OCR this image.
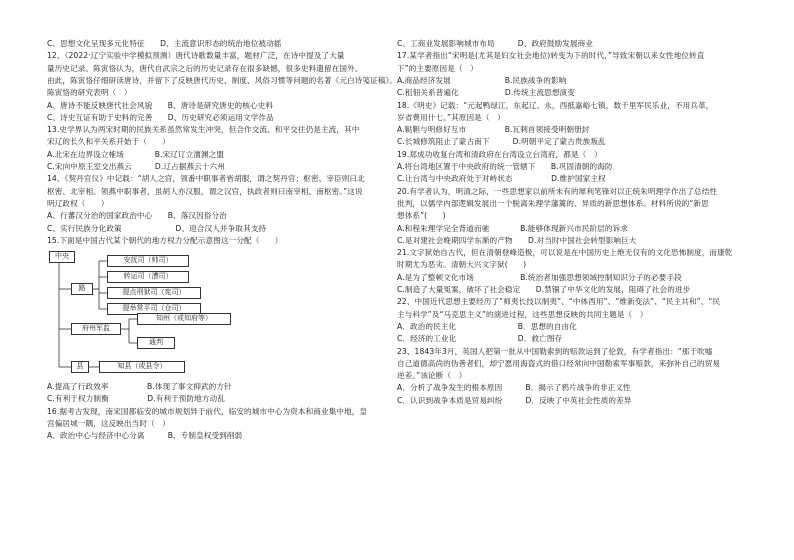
C、思想文化呈现多元化特征　　D、主流意识形态的统治地位被动摇
12、（2022·辽宁实验中学模拟预测）唐代诗歌数量丰富，题材广泛，在诗中提及了大量
量历史记录。陈寅恪认为，唐代自武宗之后的历史记录存在很多缺憾，很多史料遗留在国外。
由此，陈寅恪仔细研读唐诗，并留下了反映唐代历史、制度、风俗习惯等问题的名著《元白诗笺证稿》。
陈寅恪的研究表明（　）
A、唐诗不能反映唐代社会风貌　　B、唐诗是研究唐史的核心史料
C、诗史互证有助于史料的完善　　D、历史研究必须运用文学作品
13.史学界认为两宋时期的民族关系虽然常发生冲突，但合作交流、和平交往仍是主流，其中
宋辽的长久和平关系开始于（　　）
A.北宋在边界设立榷场　　　　B.宋辽订立澶渊之盟
C.宋向中原王室交出燕云　　　D.辽占据燕云十六州
14、《契丹官仪》中记载：“胡人之官，领番中职事者皆胡服，谓之契丹官；枢密、宰臣则曰北
枢密、北宰相。领燕中职事者，虽胡人亦汉服，谓之汉官，执政者则曰南宰相、南枢密。”这说
明辽政权（　　）
A、行蕃汉分治的国家政治中心　　B、落汉因俗分治
C、实行民族分化政策　　　　　　　D、迎合汉人并争取其支持
15.下面是中国古代某个朝代的地方权力分配示意图这一分配（　　）
A.提高了行政效率　　　　　B.体现了事文抑武的方针
C.有利于权力制衡　　　　　D.有利于预防地方动乱
16.据考古发现，南宋国都临安的城市规划异于前代，临安的城市中心为资本和商业集中地，皇
宫偏居城一隅，这反映出当时（　）
A、政治中心与经济中心分离　　　B、专制皇权受到削弱
中央
路
府州军监
县
安抚司（帅司）
转运司（漕司）
提点刑狱司（宪司）
提举常平司（仓司）
知州（或知府等）
通判
知县（或县令）
C、工商业发展影响城市布局　　　D、政府鼓励发展商业
17.某学者指出“宋明是(尤其是妇女社会地位)转变为下的时代，”导致宋朝以来女性地位转直
下”的主要原因是（　）
A.商品经济发展　　　　　　　B.民族战争的影响
C.租佃关系普遍化　　　　　　D.传统主流思想演变
18.《明史》记载：“元起鸭绿江，东起辽、永，西抵嘉峪七镇，数千里军民乐业，不用兵革，
岁省费用什七。”其原因是（　）
A.鞑靼与明修好互市　　　　　B.瓦剌首领接受明朝册封
C.长城修筑阻止了蒙古南下　　　D.明朝平定了蒙古贵族叛乱
19.郑成功收复台湾和清政府在台湾设立台湾府，都是（　）
A.将台湾地区置于中央政府的统一管辖下　　B.巩固清朝的海防
C.让台湾与中央政府处于对峙状态　　　　　D.维护国家主权
20.有学者认为，明清之际，一些思想家以前所未有的犀利笔锋对以正统朱明理学作出了总结性
批判，以儒学内部逻辑发展出一个脱离朱理学藩篱的、异质的新思想体系。材料所说的“新思
想体系”(　　)
A.和程朱理学完全背道而驰　　　　B.能够体现新兴市民阶层的诉求
C.是对建社会晚期四学东渐的产物　　D.对当时中国社会转型影响巨大
21.文字狱始自古代，但在清朝登峰造极，可以说是在中国历史上绝无仅有的文化恐怖制度，而康乾
时期尤为恶劣。清朝大兴文字狱(　　)
A.是为了整顿文化市场　　　　　　B.统治者加强思想领域控制知识分子的必要手段
C.制造了大量冤案，破坏了社会稳定　　D.禁锢了中华文化的发展，阻碍了社会的进步
22、中国近代思想主要经历了“师夷长技以制夷”、“中体西用”、“维新变法”、“民主共和”、“民
主与科学”及“马克思主义”的演进过程，这些思想反映的共同主题是（　）
A．政治的民主化　　　　　　　　B．思想的自由化
C．经济的工业化　　　　　　　　D．救亡图存
23、1843年3月，英国人把第一批从中国勒索到的赔款运到了伦敦，有学者指出：“那于吹嘘
自己道德高尚的伪善者们，却宁愿用海盗式的借口经常向中国勒索军事赔款，来弥补自己的贸易
逆差。”该论断（　）
A．分析了战争发生的根本原因　　　B．揭示了鸦片战争的非正义性
C．认识到战争本质是贸易纠纷　　　D．反映了中英社会性质的差异
